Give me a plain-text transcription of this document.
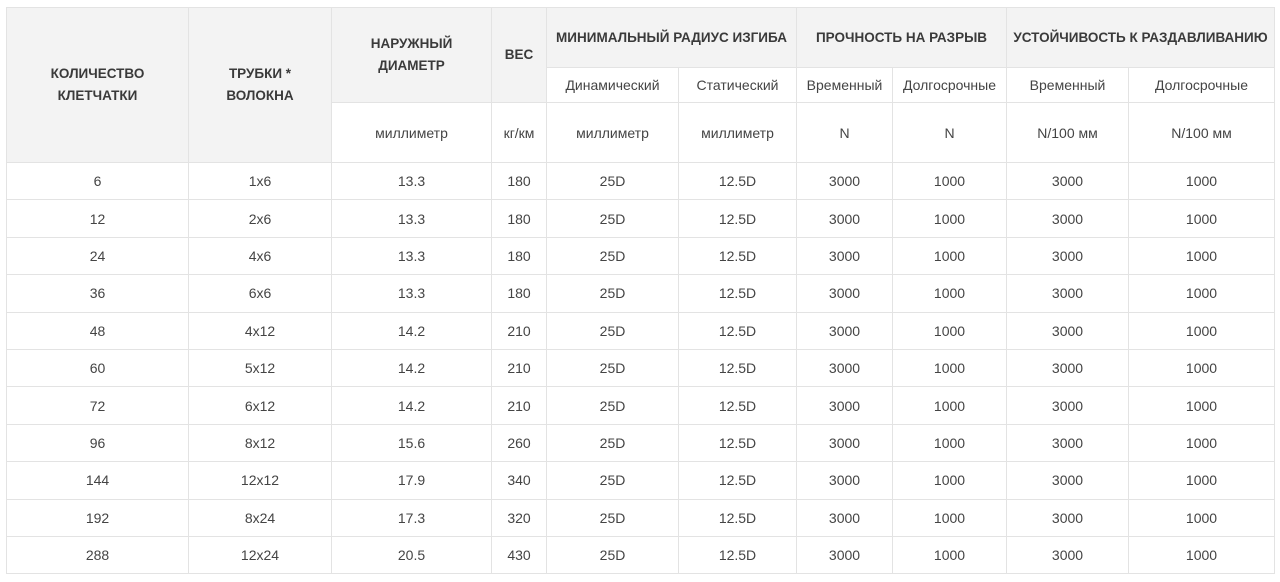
КОЛИЧЕСТВО КЛЕТЧАТКИ	ТРУБКИ * ВОЛОКНА	НАРУЖНЫЙ ДИАМЕТР	ВЕС	МИНИМАЛЬНЫЙ РАДИУС ИЗГИБА		ПРОЧНОСТЬ НА РАЗРЫВ		УСТОЙЧИВОСТЬ К РАЗДАВЛИВАНИЮ	
				Динамический	Статический	Временный	Долгосрочные	Временный	Долгосрочные
		миллиметр	кг/км	миллиметр	миллиметр	N	N	N/100 мм	N/100 мм
6	1x6	13.3	180	25D	12.5D	3000	1000	3000	1000
12	2x6	13.3	180	25D	12.5D	3000	1000	3000	1000
24	4x6	13.3	180	25D	12.5D	3000	1000	3000	1000
36	6x6	13.3	180	25D	12.5D	3000	1000	3000	1000
48	4x12	14.2	210	25D	12.5D	3000	1000	3000	1000
60	5x12	14.2	210	25D	12.5D	3000	1000	3000	1000
72	6x12	14.2	210	25D	12.5D	3000	1000	3000	1000
96	8x12	15.6	260	25D	12.5D	3000	1000	3000	1000
144	12x12	17.9	340	25D	12.5D	3000	1000	3000	1000
192	8x24	17.3	320	25D	12.5D	3000	1000	3000	1000
288	12x24	20.5	430	25D	12.5D	3000	1000	3000	1000
